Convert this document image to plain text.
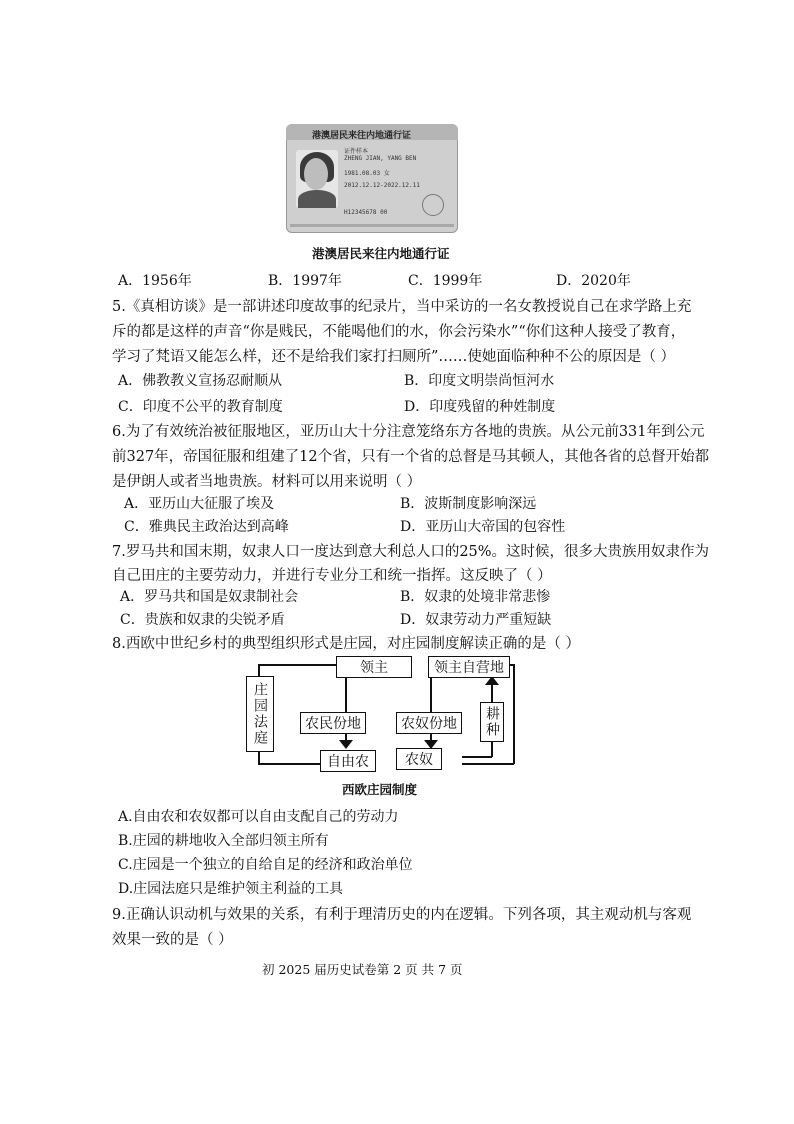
港澳居民来往内地通行证
证件样本
ZHENG JIAN, YANG BEN
1981.08.03 女
2012.12.12-2022.12.11
H12345678 00
港澳居民来往内地通行证
A．1956年	B．1997年	C．1999年	D．2020年
5.《真相访谈》是一部讲述印度故事的纪录片，当中采访的一名女教授说自己在求学路上充
斥的都是这样的声音“你是贱民，不能喝他们的水，你会污染水”“你们这种人接受了教育，
学习了梵语又能怎么样，还不是给我们家打扫厕所”……使她面临种种不公的原因是（ ）
A．佛教教义宣扬忍耐顺从	B．印度文明崇尚恒河水
C．印度不公平的教育制度	D．印度残留的种姓制度
6.为了有效统治被征服地区，亚历山大十分注意笼络东方各地的贵族。从公元前331年到公元
前327年，帝国征服和组建了12个省，只有一个省的总督是马其顿人，其他各省的总督开始都
是伊朗人或者当地贵族。材料可以用来说明（ ）
A．亚历山大征服了埃及	B．波斯制度影响深远
C．雅典民主政治达到高峰	D．亚历山大帝国的包容性
7.罗马共和国末期，奴隶人口一度达到意大利总人口的25%。这时候，很多大贵族用奴隶作为
自己田庄的主要劳动力，并进行专业分工和统一指挥。这反映了（ ）
A．罗马共和国是奴隶制社会	B．奴隶的处境非常悲惨
C．贵族和奴隶的尖锐矛盾	D．奴隶劳动力严重短缺
8.西欧中世纪乡村的典型组织形式是庄园，对庄园制度解读正确的是（ ）
领主	领主自营地
庄园法庭	农民份地	农奴份地	耕种
自由农	农奴
西欧庄园制度
A.自由农和农奴都可以自由支配自己的劳动力
B.庄园的耕地收入全部归领主所有
C.庄园是一个独立的自给自足的经济和政治单位
D.庄园法庭只是维护领主利益的工具
9.正确认识动机与效果的关系，有利于理清历史的内在逻辑。下列各项，其主观动机与客观
效果一致的是（ ）
初 2025 届历史试卷第 2 页 共 7 页
